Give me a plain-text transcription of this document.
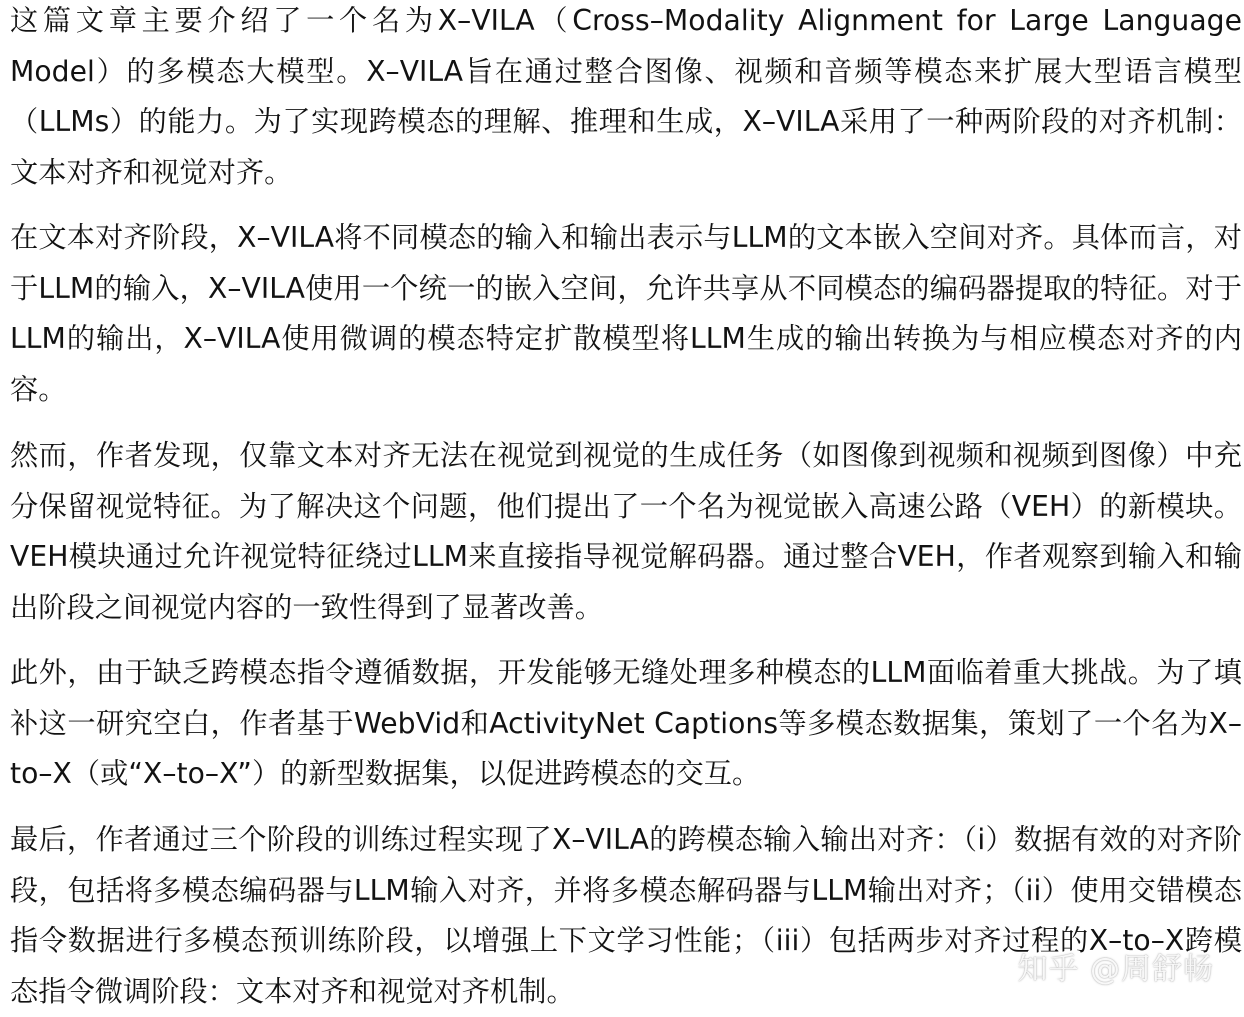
这篇文章主要介绍了一个名为X–VILA（Cross–Modality Alignment for Large Language Model）的多模态大模型。X–VILA旨在通过整合图像、视频和音频等模态来扩展大型语言模型（LLMs）的能力。为了实现跨模态的理解、推理和生成，X–VILA采用了一种两阶段的对齐机制：文本对齐和视觉对齐。

在文本对齐阶段，X–VILA将不同模态的输入和输出表示与LLM的文本嵌入空间对齐。具体而言，对于LLM的输入，X–VILA使用一个统一的嵌入空间，允许共享从不同模态的编码器提取的特征。对于LLM的输出，X–VILA使用微调的模态特定扩散模型将LLM生成的输出转换为与相应模态对齐的内容。

然而，作者发现，仅靠文本对齐无法在视觉到视觉的生成任务（如图像到视频和视频到图像）中充分保留视觉特征。为了解决这个问题，他们提出了一个名为视觉嵌入高速公路（VEH）的新模块。VEH模块通过允许视觉特征绕过LLM来直接指导视觉解码器。通过整合VEH，作者观察到输入和输出阶段之间视觉内容的一致性得到了显著改善。

此外，由于缺乏跨模态指令遵循数据，开发能够无缝处理多种模态的LLM面临着重大挑战。为了填补这一研究空白，作者基于WebVid和ActivityNet Captions等多模态数据集，策划了一个名为X–to–X（或“X–to–X”）的新型数据集，以促进跨模态的交互。

最后，作者通过三个阶段的训练过程实现了X–VILA的跨模态输入输出对齐：（i）数据有效的对齐阶段，包括将多模态编码器与LLM输入对齐，并将多模态解码器与LLM输出对齐；（ii）使用交错模态指令数据进行多模态预训练阶段，以增强上下文学习性能；（iii）包括两步对齐过程的X–to–X跨模态指令微调阶段：文本对齐和视觉对齐机制。

知乎 @周舒畅
